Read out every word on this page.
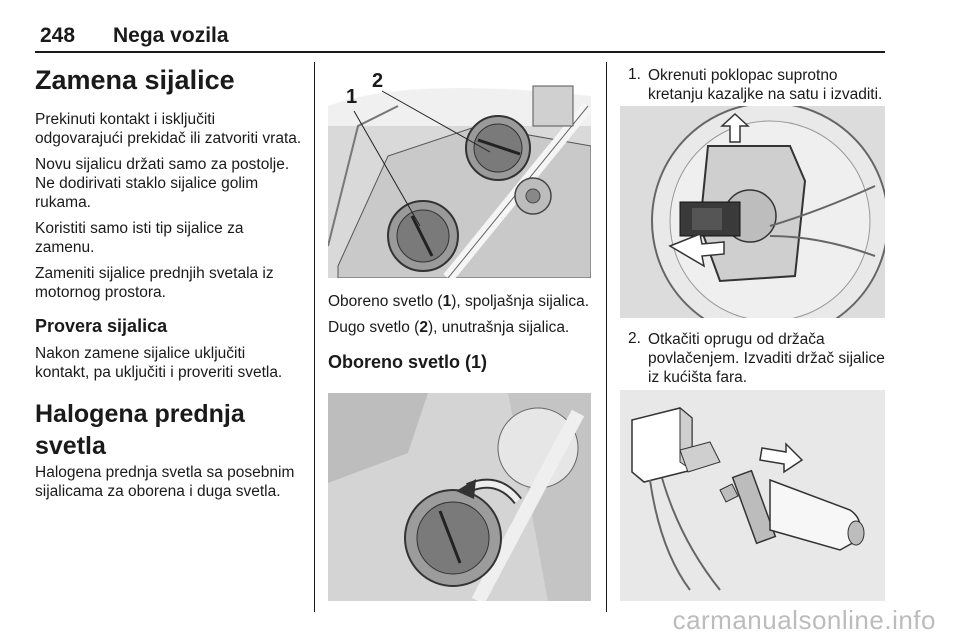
248 Nega vozila
Zamena sijalice

Prekinuti kontakt i isključiti odgovarajući prekidač ili zatvoriti vrata.

Novu sijalicu držati samo za postolje. Ne dodirivati staklo sijalice golim rukama.

Koristiti samo isti tip sijalice za zamenu.

Zameniti sijalice prednjih svetala iz motornog prostora.

Provera sijalica

Nakon zamene sijalice uključiti kontakt, pa uključiti i proveriti svetla.

Halogena prednja svetla

Halogena prednja svetla sa posebnim sijalicama za oborena i duga svetla.

1
2

Oboreno svetlo (1), spoljašnja sijalica.

Dugo svetlo (2), unutrašnja sijalica.

Oboreno svetlo (1)
1. Okrenuti poklopac suprotno kretanju kazaljke na satu i izvaditi.

2. Otkačiti oprugu od držača povlačenjem. Izvaditi držač sijalice iz kućišta fara.

carmanualsonline.info
